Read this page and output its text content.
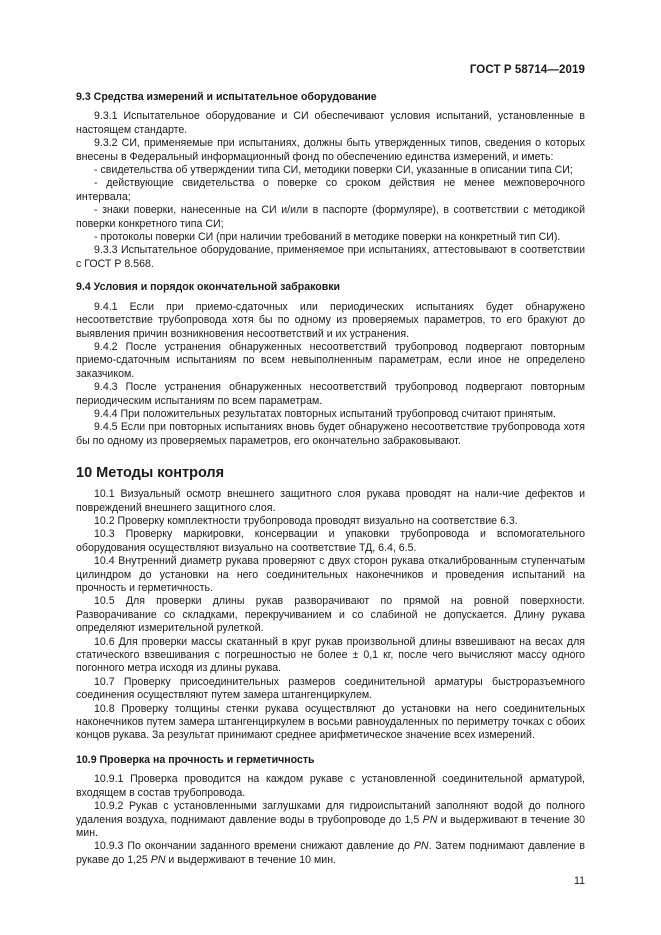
ГОСТ Р 58714—2019
9.3 Средства измерений и испытательное оборудование

9.3.1 Испытательное оборудование и СИ обеспечивают условия испытаний, установленные в настоящем стандарте.

9.3.2 СИ, применяемые при испытаниях, должны быть утвержденных типов, сведения о которых внесены в Федеральный информационный фонд по обеспечению единства измерений, и иметь:

- свидетельства об утверждении типа СИ, методики поверки СИ, указанные в описании типа СИ;

- действующие свидетельства о поверке со сроком действия не менее межповерочного интервала;

- знаки поверки, нанесенные на СИ и/или в паспорте (формуляре), в соответствии с методикой поверки конкретного типа СИ;

- протоколы поверки СИ (при наличии требований в методике поверки на конкретный тип СИ).

9.3.3 Испытательное оборудование, применяемое при испытаниях, аттестовывают в соответствии с ГОСТ Р 8.568.

9.4 Условия и порядок окончательной забраковки

9.4.1 Если при приемо-сдаточных или периодических испытаниях будет обнаружено несоответствие трубопровода хотя бы по одному из проверяемых параметров, то его бракуют до выявления причин возникновения несоответствий и их устранения.

9.4.2 После устранения обнаруженных несоответствий трубопровод подвергают повторным приемо-сдаточным испытаниям по всем невыполненным параметрам, если иное не определено заказчиком.

9.4.3 После устранения обнаруженных несоответствий трубопровод подвергают повторным периодическим испытаниям по всем параметрам.

9.4.4 При положительных результатах повторных испытаний трубопровод считают принятым.

9.4.5 Если при повторных испытаниях вновь будет обнаружено несоответствие трубопровода хотя бы по одному из проверяемых параметров, его окончательно забраковывают.

10 Методы контроля

10.1 Визуальный осмотр внешнего защитного слоя рукава проводят на нали-чие дефектов и повреждений внешнего защитного слоя.

10.2 Проверку комплектности трубопровода проводят визуально на соответствие 6.3.

10.3 Проверку маркировки, консервации и упаковки трубопровода и вспомогательного оборудования осуществляют визуально на соответствие ТД, 6.4, 6.5.

10.4 Внутренний диаметр рукава проверяют с двух сторон рукава откалиброванным ступенчатым цилиндром до установки на него соединительных наконечников и проведения испытаний на прочность и герметичность.

10.5 Для проверки длины рукав разворачивают по прямой на ровной поверхности. Разворачивание со складками, перекручиванием и со слабиной не допускается. Длину рукава определяют измерительной рулеткой.

10.6 Для проверки массы скатанный в круг рукав произвольной длины взвешивают на весах для статического взвешивания с погрешностью не более ± 0,1 кг, после чего вычисляют массу одного погонного метра исходя из длины рукава.

10.7 Проверку присоединительных размеров соединительной арматуры быстроразъемного соединения осуществляют путем замера штангенциркулем.

10.8 Проверку толщины стенки рукава осуществляют до установки на него соединительных наконечников путем замера штангенциркулем в восьми равноудаленных по периметру точках с обоих концов рукава. За результат принимают среднее арифметическое значение всех измерений.

10.9 Проверка на прочность и герметичность

10.9.1 Проверка проводится на каждом рукаве с установленной соединительной арматурой, входящем в состав трубопровода.

10.9.2 Рукав с установленными заглушками для гидроиспытаний заполняют водой до полного удаления воздуха, поднимают давление воды в трубопроводе до 1,5 PN и выдерживают в течение 30 мин.

10.9.3 По окончании заданного времени снижают давление до PN. Затем поднимают давление в рукаве до 1,25 PN и выдерживают в течение 10 мин.

11
